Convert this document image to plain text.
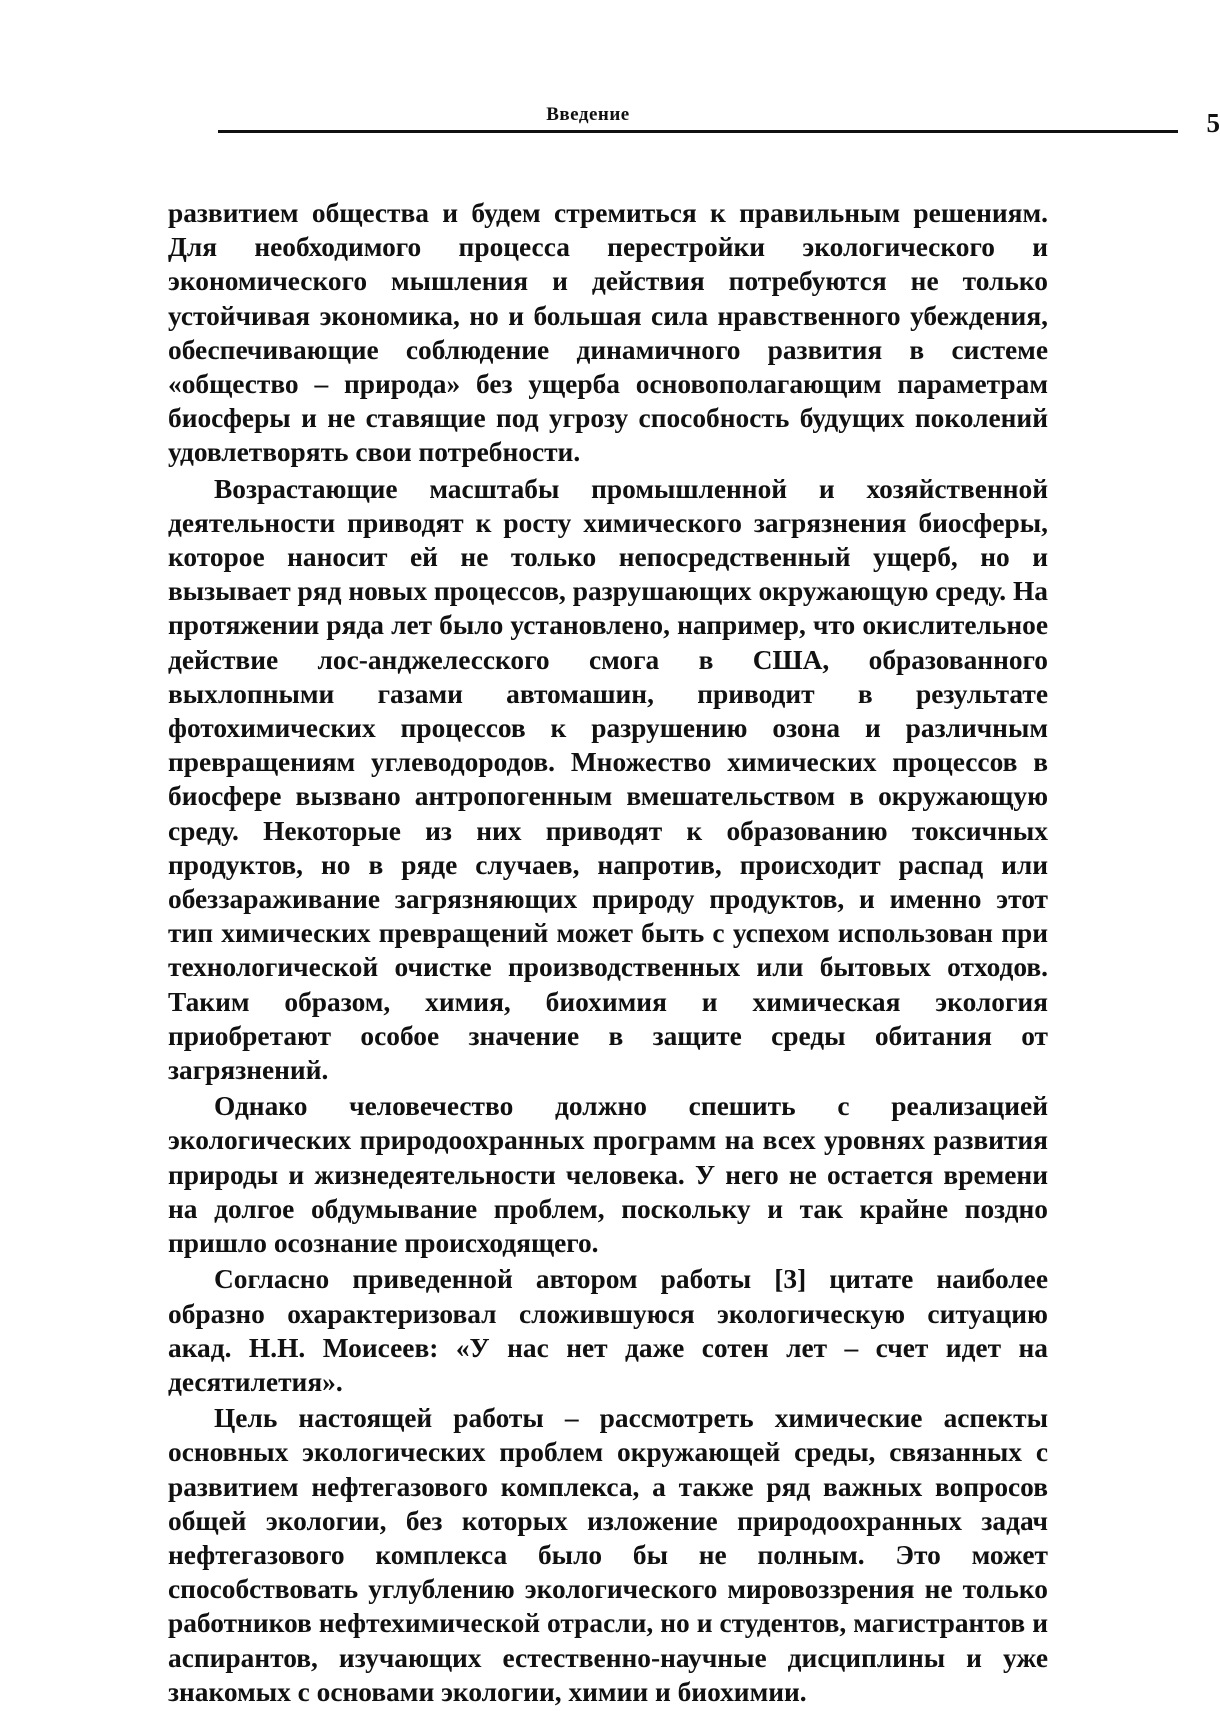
Введение	5

развитием общества и будем стремиться к правильным решениям. Для необходимого процесса перестройки экологического и экономического мышления и действия потребуются не только устойчивая экономика, но и большая сила нравственного убеждения, обеспечивающие соблюдение динамичного развития в системе «общество – природа» без ущерба основополагающим параметрам биосферы и не ставящие под угрозу способность будущих поколений удовлетворять свои потребности.

Возрастающие масштабы промышленной и хозяйственной деятельности приводят к росту химического загрязнения биосферы, которое наносит ей не только непосредственный ущерб, но и вызывает ряд новых процессов, разрушающих окружающую среду. На протяжении ряда лет было установлено, например, что окислительное действие лос-анджелесского смога в США, образованного выхлопными газами автомашин, приводит в результате фотохимических процессов к разрушению озона и различным превращениям углеводородов. Множество химических процессов в биосфере вызвано антропогенным вмешательством в окружающую среду. Некоторые из них приводят к образованию токсичных продуктов, но в ряде случаев, напротив, происходит распад или обеззараживание загрязняющих природу продуктов, и именно этот тип химических превращений может быть с успехом использован при технологической очистке производственных или бытовых отходов. Таким образом, химия, биохимия и химическая экология приобретают особое значение в защите среды обитания от загрязнений.

Однако человечество должно спешить с реализацией экологических природоохранных программ на всех уровнях развития природы и жизнедеятельности человека. У него не остается времени на долгое обдумывание проблем, поскольку и так крайне поздно пришло осознание происходящего.

Согласно приведенной автором работы [3] цитате наиболее образно охарактеризовал сложившуюся экологическую ситуацию акад. Н.Н. Моисеев: «У нас нет даже сотен лет – счет идет на десятилетия».

Цель настоящей работы – рассмотреть химические аспекты основных экологических проблем окружающей среды, связанных с развитием нефтегазового комплекса, а также ряд важных вопросов общей экологии, без которых изложение природоохранных задач нефтегазового комплекса было бы не полным. Это может способствовать углублению экологического мировоззрения не только работников нефтехимической отрасли, но и студентов, магистрантов и аспирантов, изучающих естественно-научные дисциплины и уже знакомых с основами экологии, химии и биохимии.
